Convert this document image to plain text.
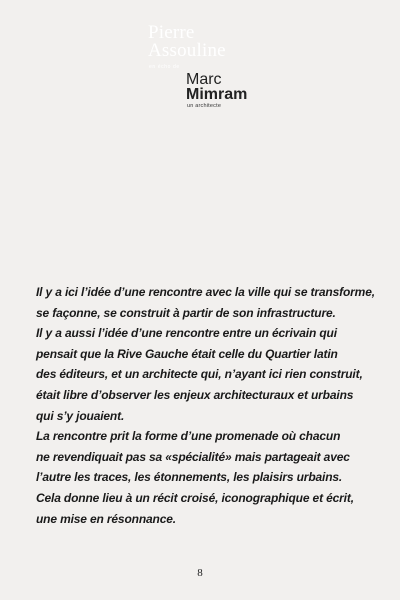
Pierre
Assouline
en écho de
Marc
Mimram
un architecte
Il y a ici l’idée d’une rencontre avec la ville qui se transforme,
se façonne, se construit à partir de son infrastructure.
Il y a aussi l’idée d’une rencontre entre un écrivain qui
pensait que la Rive Gauche était celle du Quartier latin
des éditeurs, et un architecte qui, n’ayant ici rien construit,
était libre d’observer les enjeux architecturaux et urbains
qui s’y jouaient.
La rencontre prit la forme d’une promenade où chacun
ne revendiquait pas sa «spécialité» mais partageait avec
l’autre les traces, les étonnements, les plaisirs urbains.
Cela donne lieu à un récit croisé, iconographique et écrit,
une mise en résonnance.
8
